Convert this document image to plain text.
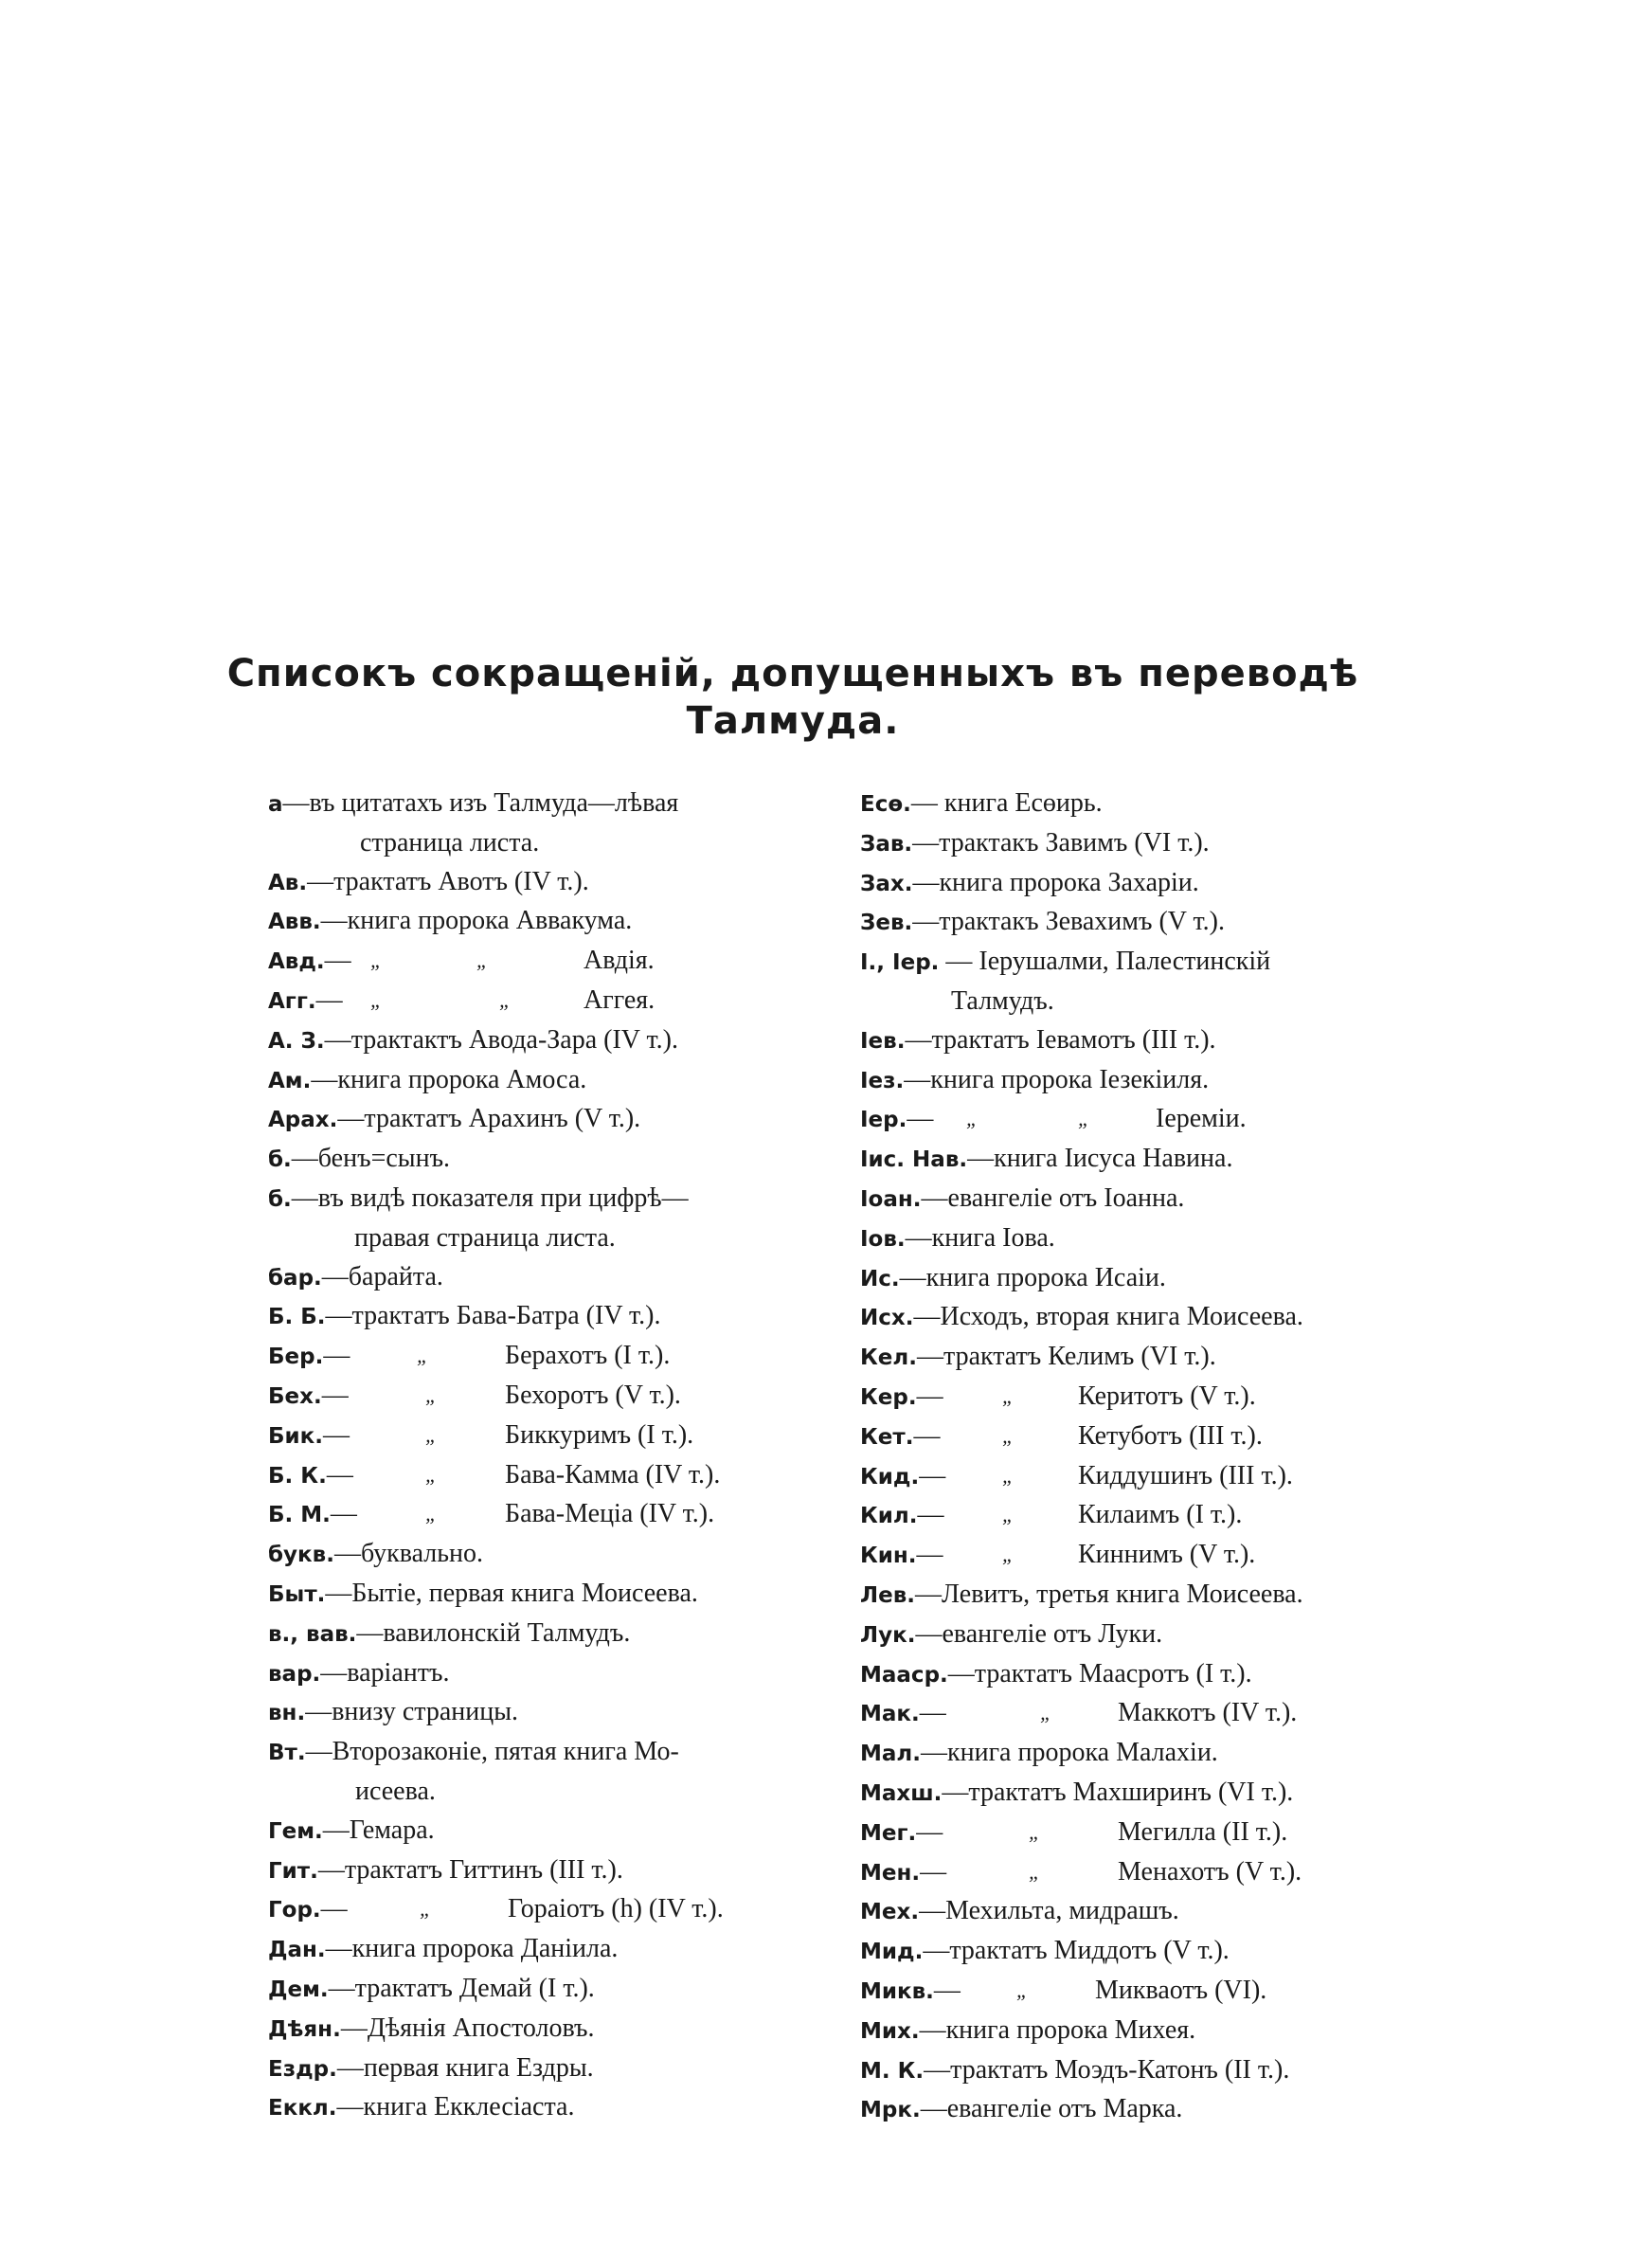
Списокъ сокращеній, допущенныхъ въ переводѣ
Талмуда.
а—въ цитатахъ изъ Талмуда—лѣвая
страница листа.
Ав.—трактатъ Авотъ (IV т.).
Авв.—книга пророка Аввакума.
Авд.— „	„	Авдія.
Агг.— „	„	Аггея.
А. З.—трактактъ Авода-Зара (IV т.).
Ам.—книга пророка Амоса.
Арах.—трактатъ Арахинъ (V т.).
б.—бенъ=сынъ.
б.—въ видѣ показателя при цифрѣ—
правая страница листа.
бар.—барайта.
Б. Б.—трактатъ Бава-Батра (IV т.).
Бер.—	„	Берахотъ (I т.).
Бех.—	„	Бехоротъ (V т.).
Бик.—	„	Биккуримъ (I т.).
Б. К.—	„	Бава-Камма (IV т.).
Б. М.—	„	Бава-Меціа (IV т.).
букв.—буквально.
Быт.—Бытіе, первая книга Моисеева.
в., вав.—вавилонскій Талмудъ.
вар.—варіантъ.
вн.—внизу страницы.
Вт.—Второзаконіе, пятая книга Мо-
исеева.
Гем.—Гемара.
Гит.—трактатъ Гиттинъ (III т.).
Гор.—	„	Гораіотъ (h) (IV т.).
Дан.—книга пророка Даніила.
Дем.—трактатъ Демай (I т.).
Дѣян.—Дѣянія Апостоловъ.
Ездр.—первая книга Ездры.
Еккл.—книга Екклесіаста.
Есө.— книга Есөирь.
Зав.—трактакъ Завимъ (VI т.).
Зах.—книга пророка Захаріи.
Зев.—трактакъ Зевахимъ (V т.).
І., Іер. — Іерушалми, Палестинскій
Талмудъ.
Іев.—трактатъ Іевамотъ (III т.).
Іез.—книга пророка Іезекіиля.
Іер.— „	„ Іереміи.
Іис. Нав.—книга Іисуса Навина.
Іоан.—евангеліе отъ Іоанна.
Іов.—книга Іова.
Ис.—книга пророка Исаіи.
Исх.—Исходъ, вторая книга Моисеева.
Кел.—трактатъ Келимъ (VI т.).
Кер.—	„ Керитотъ (V т.).
Кет.—	„ Кетуботъ (III т.).
Кид.—	„ Киддушинъ (III т.).
Кил.—	„ Килаимъ (I т.).
Кин.—	„ Киннимъ (V т.).
Лев.—Левитъ, третья книга Моисеева.
Лук.—евангеліе отъ Луки.
Мааср.—трактатъ Маасротъ (I т.).
Мак.—	„ Маккотъ (IV т.).
Мал.—книга пророка Малахіи.
Махш.—трактатъ Махширинъ (VI т.).
Мег.—	„	Мегилла (II т.).
Мен.—	„	Менахотъ (V т.).
Мех.—Мехильта, мидрашъ.
Мид.—трактатъ Миддотъ (V т.).
Микв.—	„	Микваотъ (VI).
Мих.—книга пророка Михея.
М. К.—трактатъ Моэдъ-Катонъ (II т.).
Мрк.—евангеліе отъ Марка.
